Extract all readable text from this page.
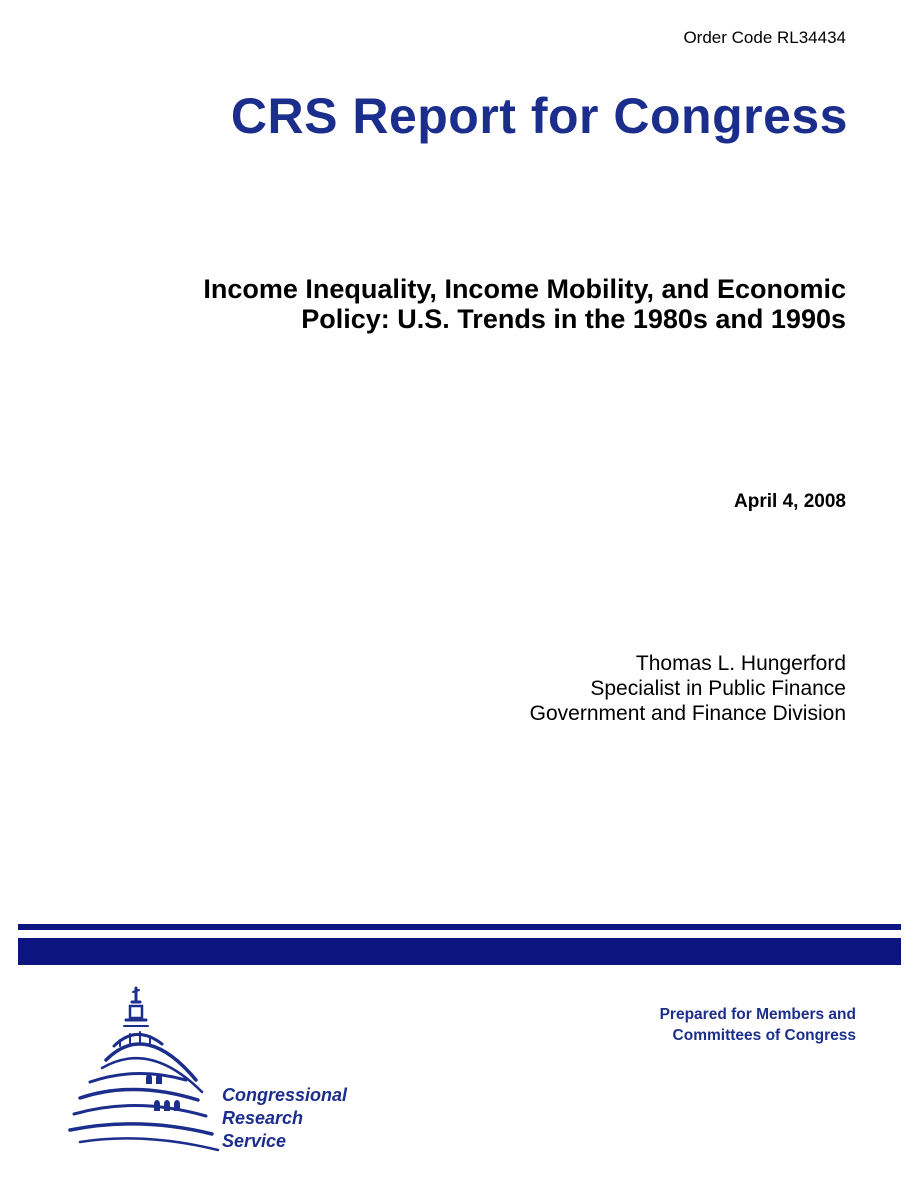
Order Code RL34434
CRS Report for Congress
Income Inequality, Income Mobility, and Economic
Policy: U.S. Trends in the 1980s and 1990s
April 4, 2008
Thomas L. Hungerford
Specialist in Public Finance
Government and Finance Division
Prepared for Members and
Committees of Congress
Congressional
Research
Service
